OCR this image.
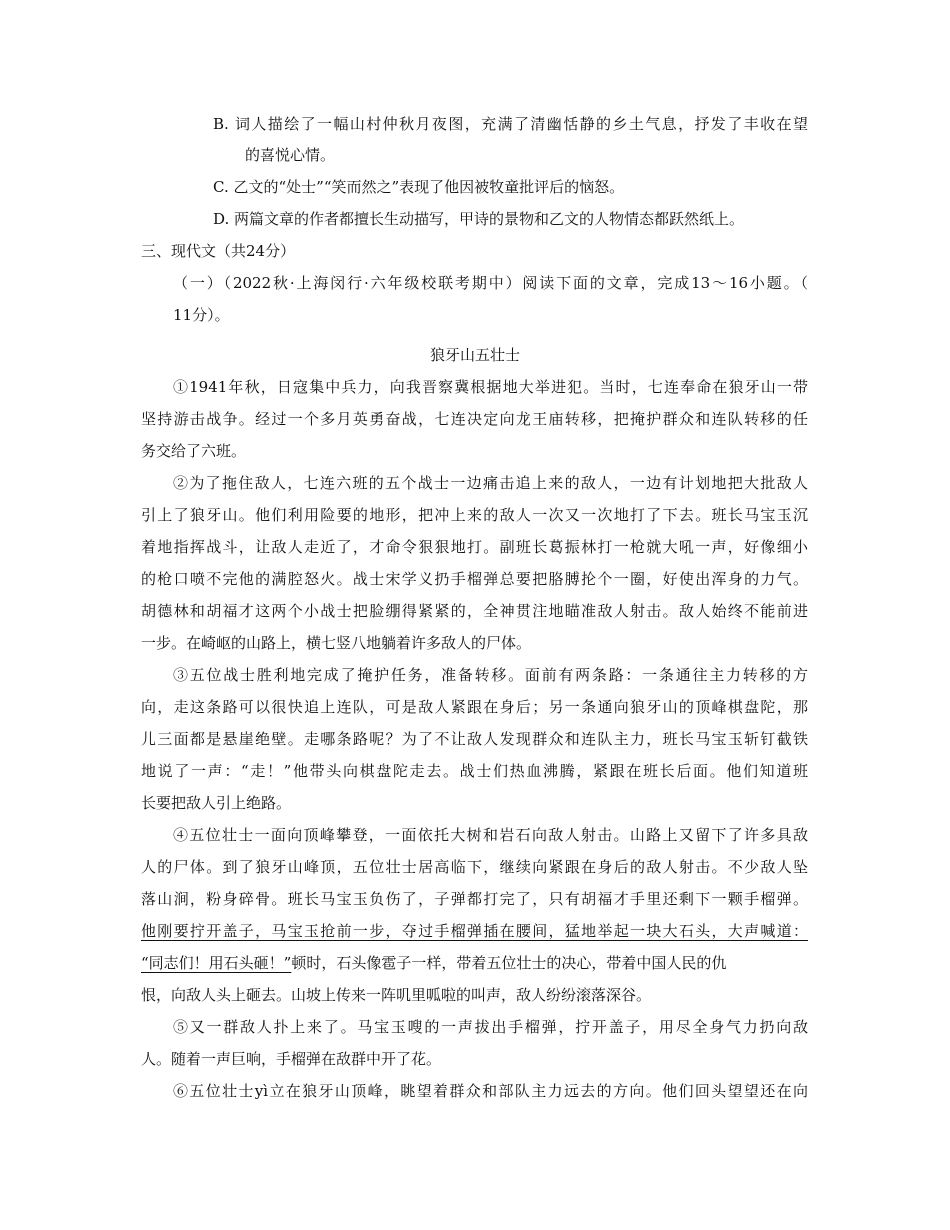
B. 词人描绘了一幅山村仲秋月夜图，充满了清幽恬静的乡土气息，抒发了丰收在望
的喜悦心情。
C. 乙文的“处士”“笑而然之”表现了他因被牧童批评后的恼怒。
D. 两篇文章的作者都擅长生动描写，甲诗的景物和乙文的人物情态都跃然纸上。
三、现代文（共24分）
（一）（2022秋·上海闵行·六年级校联考期中）阅读下面的文章，完成13～16小题。（
11分）。
狼牙山五壮士
①1941年秋，日寇集中兵力，向我晋察冀根据地大举进犯。当时，七连奉命在狼牙山一带
坚持游击战争。经过一个多月英勇奋战，七连决定向龙王庙转移，把掩护群众和连队转移的任
务交给了六班。
②为了拖住敌人，七连六班的五个战士一边痛击追上来的敌人，一边有计划地把大批敌人
引上了狼牙山。他们利用险要的地形，把冲上来的敌人一次又一次地打了下去。班长马宝玉沉
着地指挥战斗，让敌人走近了，才命令狠狠地打。副班长葛振林打一枪就大吼一声，好像细小
的枪口喷不完他的满腔怒火。战士宋学义扔手榴弹总要把胳膊抡个一圈，好使出浑身的力气。
胡德林和胡福才这两个小战士把脸绷得紧紧的，全神贯注地瞄准敌人射击。敌人始终不能前进
一步。在崎岖的山路上，横七竖八地躺着许多敌人的尸体。
③五位战士胜利地完成了掩护任务，准备转移。面前有两条路：一条通往主力转移的方
向，走这条路可以很快追上连队，可是敌人紧跟在身后；另一条通向狼牙山的顶峰棋盘陀，那
儿三面都是悬崖绝壁。走哪条路呢？为了不让敌人发现群众和连队主力，班长马宝玉斩钉截铁
地说了一声：“走！”他带头向棋盘陀走去。战士们热血沸腾，紧跟在班长后面。他们知道班
长要把敌人引上绝路。
④五位壮士一面向顶峰攀登，一面依托大树和岩石向敌人射击。山路上又留下了许多具敌
人的尸体。到了狼牙山峰顶，五位壮士居高临下，继续向紧跟在身后的敌人射击。不少敌人坠
落山涧，粉身碎骨。班长马宝玉负伤了，子弹都打完了，只有胡福才手里还剩下一颗手榴弹。
他刚要拧开盖子，马宝玉抢前一步，夺过手榴弹插在腰间，猛地举起一块大石头，大声喊道：
“同志们！用石头砸！”顿时，石头像雹子一样，带着五位壮士的决心，带着中国人民的仇
恨，向敌人头上砸去。山坡上传来一阵叽里呱啦的叫声，敌人纷纷滚落深谷。
⑤又一群敌人扑上来了。马宝玉嗖的一声拔出手榴弹，拧开盖子，用尽全身气力扔向敌
人。随着一声巨响，手榴弹在敌群中开了花。
⑥五位壮士yì立在狼牙山顶峰，眺望着群众和部队主力远去的方向。他们回头望望还在向
